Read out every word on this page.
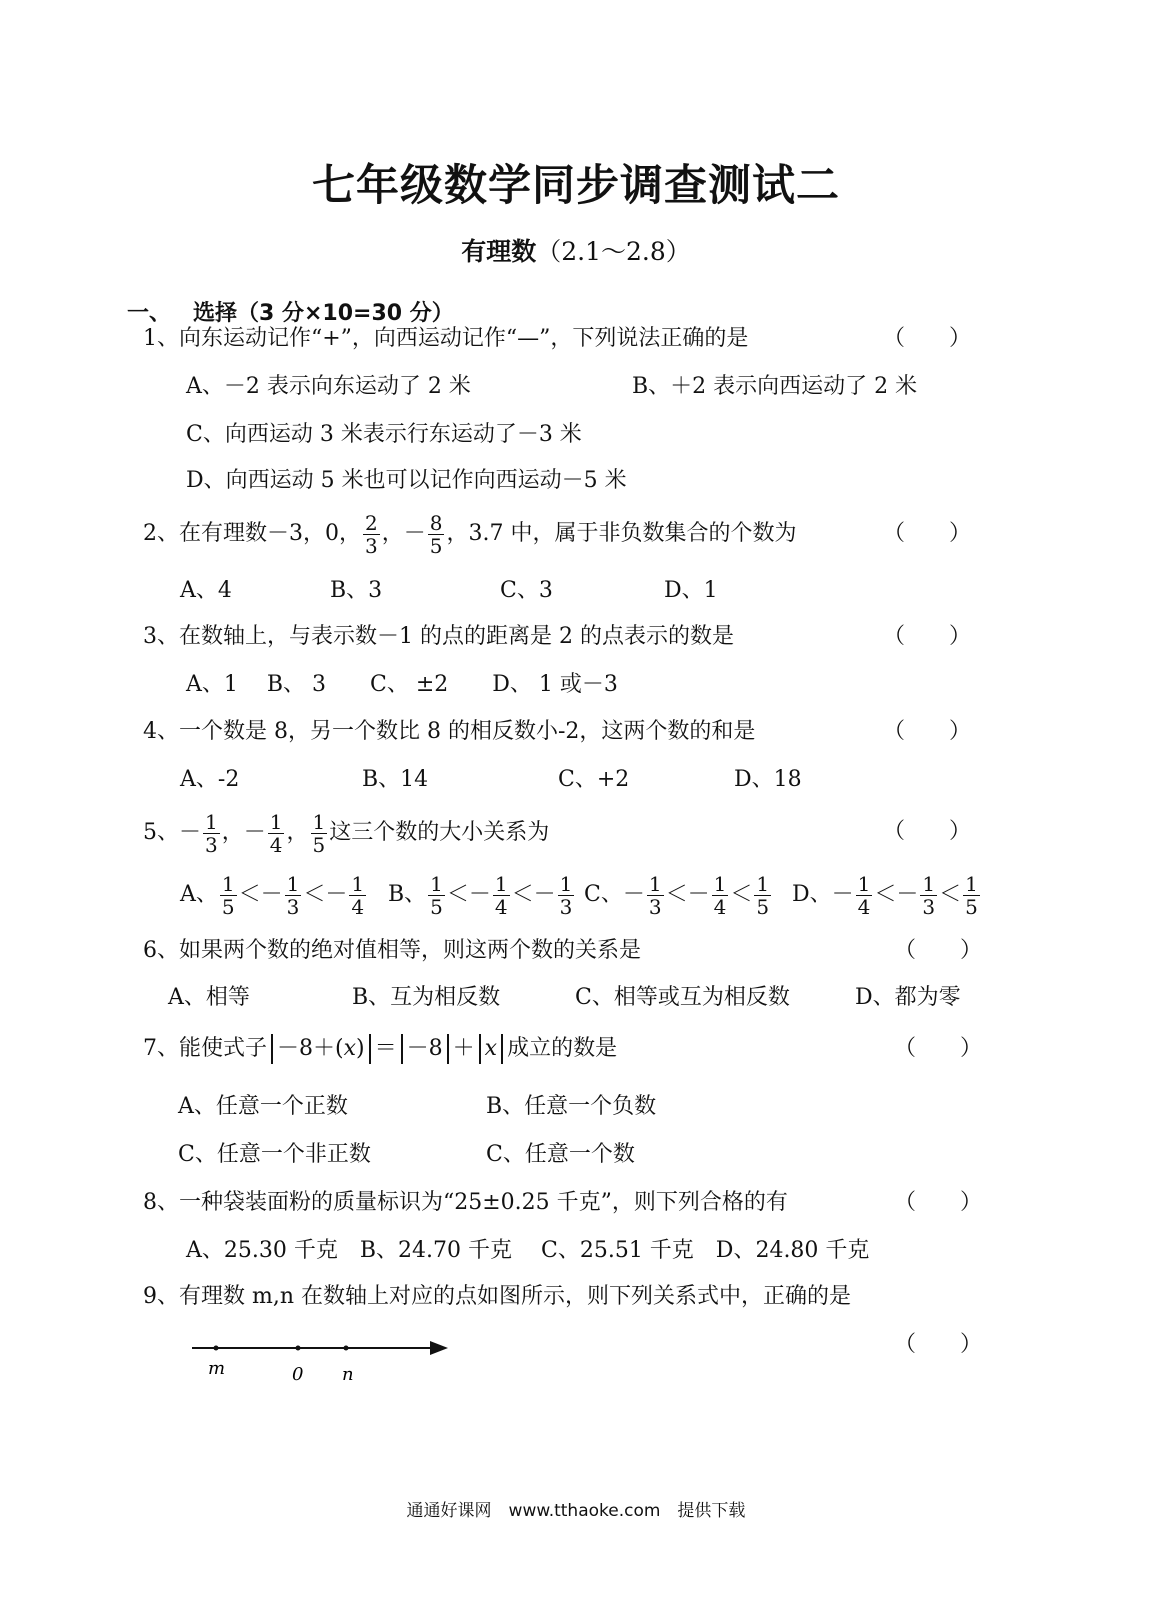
七年级数学同步调查测试二
有理数（2.1～2.8）
一、 选择（3 分×10=30 分）
1、向东运动记作“+”，向西运动记作“—”，下列说法正确的是	（　　）
A、－2 表示向东运动了 2 米	B、＋2 表示向西运动了 2 米
C、向西运动 3 米表示行东运动了－3 米
D、向西运动 5 米也可以记作向西运动－5 米
2、在有理数－3，0， $\frac{2}{3}$ ，－ $\frac{8}{5}$ ，3.7 中，属于非负数集合的个数为	（　　）
A、4	B、3	C、3	D、1
3、在数轴上，与表示数－1 的点的距离是 2 的点表示的数是	（　　）
A、1　 B、 3　　C、 ±2　　D、 1 或－3
4、一个数是 8，另一个数比 8 的相反数小-2，这两个数的和是	（　　）
A、-2	B、14	C、+2	D、18
5、－ $\frac{1}{3}$ ，－ $\frac{1}{4}$ ， $\frac{1}{5}$ 这三个数的大小关系为	（　　）
A、 $\frac{1}{5} <- \frac{1}{3} <- \frac{1}{4}$ B、 $\frac{1}{5} <- \frac{1}{4} <- \frac{1}{3}$ C、－ $\frac{1}{3} <- \frac{1}{4} < \frac{1}{5}$ D、－ $\frac{1}{4} <- \frac{1}{3} < \frac{1}{5}$
6、如果两个数的绝对值相等，则这两个数的关系是	（　　）
A、相等	B、互为相反数	C、相等或互为相反数	D、都为零
7、能使式子 －8＋(x) ＝ －8 ＋ x 成立的数是	（　　）
A、任意一个正数	B、任意一个负数
C、任意一个非正数	C、任意一个数
8、一种袋装面粉的质量标识为“25±0.25 千克”，则下列合格的有	（　　）
A、25.30 千克　B、24.70 千克　 C、25.51 千克　D、24.80 千克
9、有理数 m,n 在数轴上对应的点如图所示，则下列关系式中，正确的是
（　　）
m	0 n
通通好课网　www.tthaoke.com　提供下载
